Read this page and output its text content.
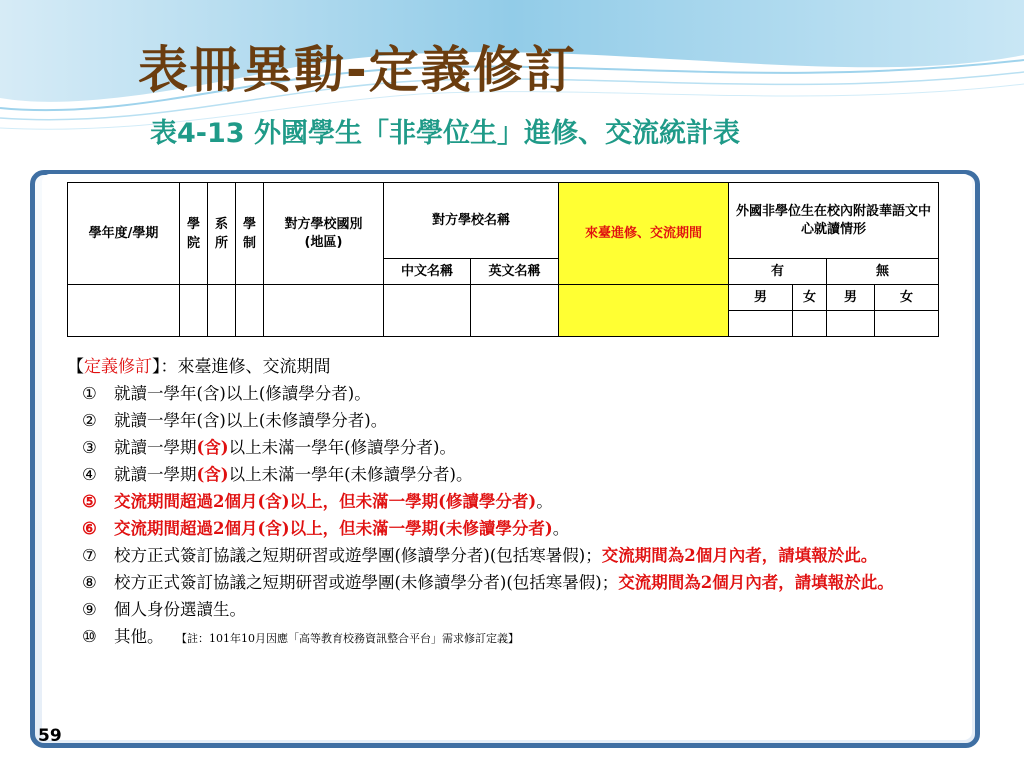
表冊異動-定義修訂
表4-13 外國學生「非學位生」進修、交流統計表
學年度/學期	學院	系所	學制	對方學校國別(地區)	對方學校名稱		來臺進修、交流期間	外國非學位生在校內附設華語文中心就讀情形			

					中文名稱	英文名稱		有		無	
								男	女	男	女

【定義修訂】：來臺進修、交流期間
① 就讀一學年(含)以上(修讀學分者)。
② 就讀一學年(含)以上(未修讀學分者)。
③ 就讀一學期(含)以上未滿一學年(修讀學分者)。
④ 就讀一學期(含)以上未滿一學年(未修讀學分者)。
⑤ 交流期間超過2個月(含)以上，但未滿一學期(修讀學分者)。
⑥ 交流期間超過2個月(含)以上，但未滿一學期(未修讀學分者)。
⑦ 校方正式簽訂協議之短期研習或遊學團(修讀學分者)(包括寒暑假)；交流期間為2個月內者，請填報於此。
⑧ 校方正式簽訂協議之短期研習或遊學團(未修讀學分者)(包括寒暑假)；交流期間為2個月內者，請填報於此。
⑨ 個人身份選讀生。
⑩ 其他。 【註：101年10月因應「高等教育校務資訊整合平台」需求修訂定義】
59
